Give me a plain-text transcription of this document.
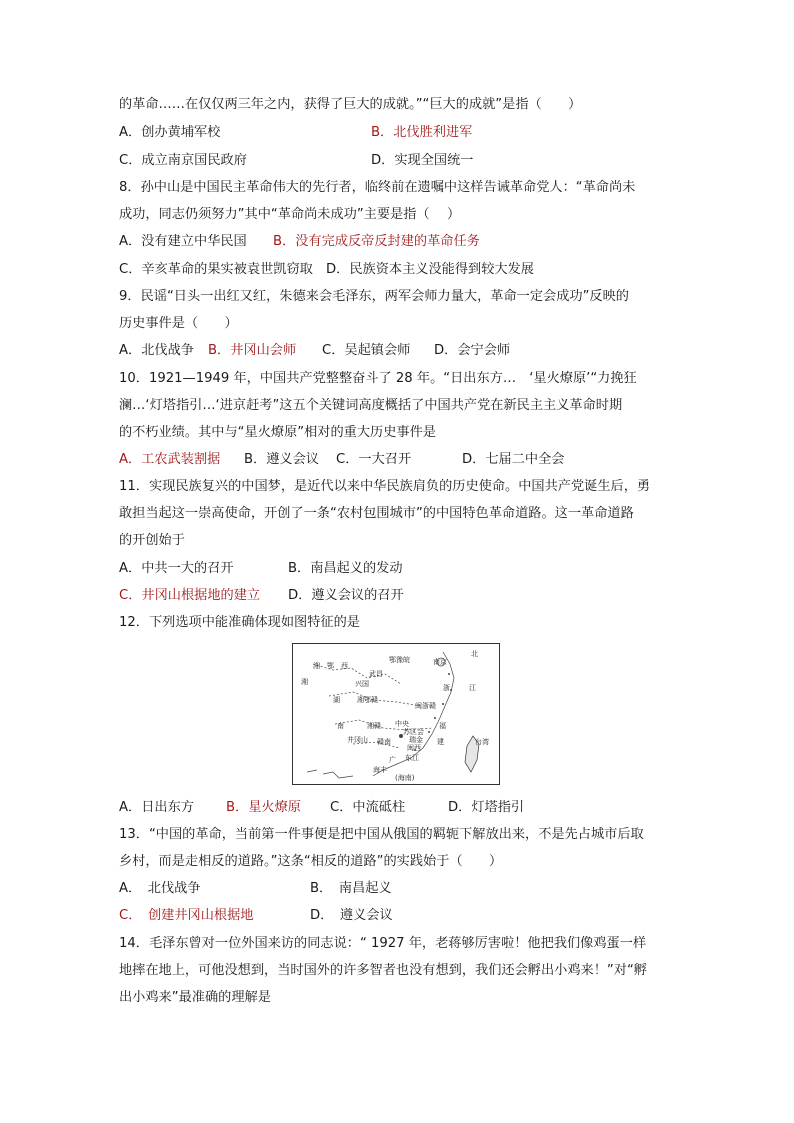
的革命……在仅仅两三年之内，获得了巨大的成就。”“巨大的成就”是指（　　）
A．创办黄埔军校	B．北伐胜利进军
C．成立南京国民政府	D．实现全国统一
8．孙中山是中国民主革命伟大的先行者，临终前在遗嘱中这样告诫革命党人：“革命尚未
成功，同志仍须努力”其中“革命尚未成功”主要是指（　 ）
A．没有建立中华民国 B．没有完成反帝反封建的革命任务
C．辛亥革命的果实被袁世凯窃取　D．民族资本主义没能得到较大发展
9．民谣“日头一出红又红，朱德来会毛泽东，两军会师力量大，革命一定会成功”反映的
历史事件是（　　）
A．北伐战争 B．井冈山会师 C．吴起镇会师 D．会宁会师
10．1921—1949 年，中国共产党整整奋斗了 28 年。“日出东方…　‘星火燎原’“力挽狂
澜…‘灯塔指引…‘进京赶考”这五个关键词高度概括了中国共产党在新民主主义革命时期
的不朽业绩。其中与“星火燎原”相对的重大历史事件是
A．工农武装割据 B．遵义会议 C．一大召开	D．七届二中全会
11．实现民族复兴的中国梦，是近代以来中华民族肩负的历史使命。中国共产党诞生后，勇
敢担当起这一崇高使命，开创了一条“农村包围城市”的中国特色革命道路。这一革命道路
的开创始于
A．中共一大的召开	B．南昌起义的发动
C．井冈山根据地的建立 D．遵义会议的召开
12．下列选项中能准确体现如图特征的是
湘　鄂　西
鄂豫皖	南京
北
武昌
湘	兴国
湖 湘鄂赣
浙	江
闽浙赣
南	湘赣 中央
苏区会
瑞金
福
井冈山 赣南
闽西
建
广 东江
海丰
(海南)
台湾
A．日出东方 B．星火燎原 C．中流砥柱	D．灯塔指引
13．“中国的革命，当前第一件事便是把中国从俄国的羁轭下解放出来，不是先占城市后取
乡村，而是走相反的道路。”这条“相反的道路”的实践始于（　　）
A．　北伐战争	B．　南昌起义
C．　创建井冈山根据地	D．　遵义会议
14．毛泽东曾对一位外国来访的同志说：“ 1927 年，老蒋够厉害啦！他把我们像鸡蛋一样
地摔在地上，可他没想到，当时国外的许多智者也没有想到，我们还会孵出小鸡来！”对“孵
出小鸡来”最准确的理解是
